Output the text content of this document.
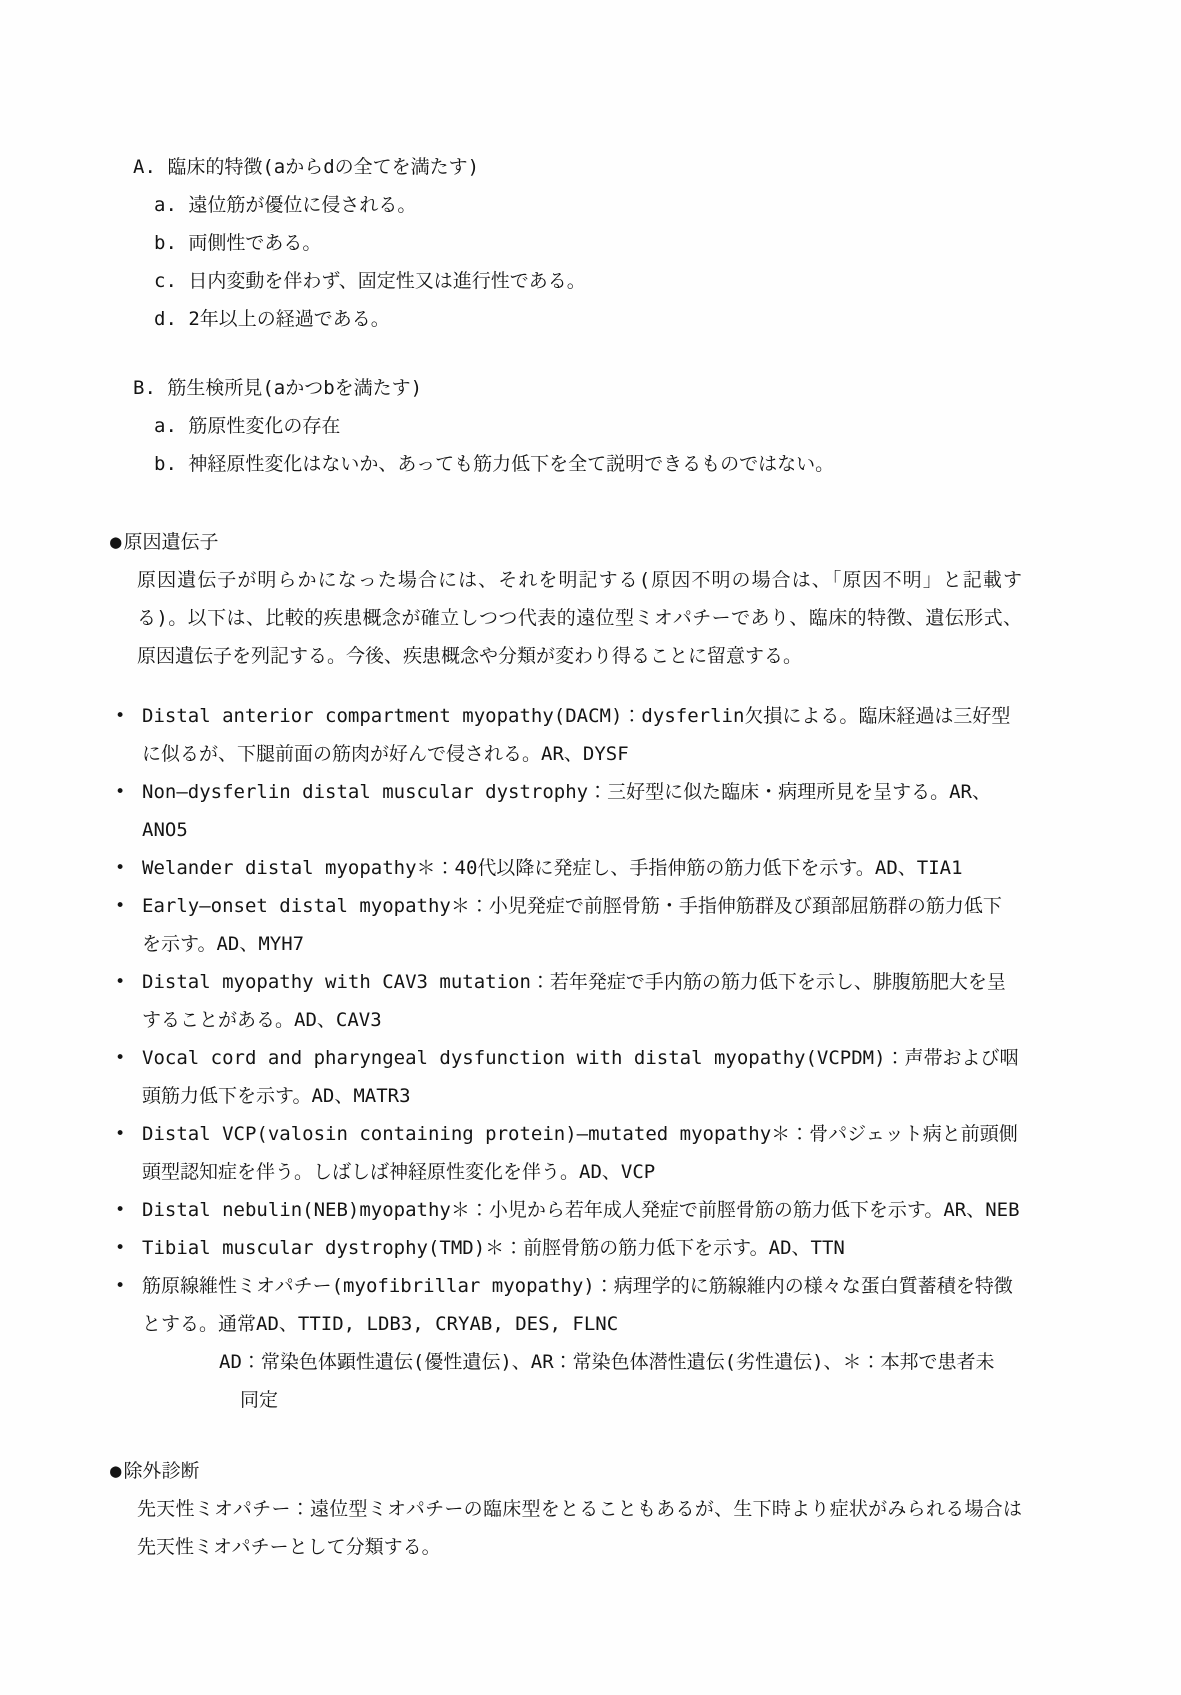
A. 臨床的特徴(aからdの全てを満たす)
a. 遠位筋が優位に侵される。
b. 両側性である。
c. 日内変動を伴わず、固定性又は進行性である。
d. 2年以上の経過である。
B. 筋生検所見(aかつbを満たす)
a. 筋原性変化の存在
b. 神経原性変化はないか、あっても筋力低下を全て説明できるものではない。
●原因遺伝子
原因遺伝子が明らかになった場合には、それを明記する(原因不明の場合は、「原因不明」と記載する)。以下は、比較的疾患概念が確立しつつ代表的遠位型ミオパチーであり、臨床的特徴、遺伝形式、原因遺伝子を列記する。今後、疾患概念や分類が変わり得ることに留意する。
• Distal anterior compartment myopathy(DACM)：dysferlin欠損による。臨床経過は三好型に似るが、下腿前面の筋肉が好んで侵される。AR、DYSF
• Non―dysferlin distal muscular dystrophy：三好型に似た臨床・病理所見を呈する。AR、ANO5
• Welander distal myopathy＊：40代以降に発症し、手指伸筋の筋力低下を示す。AD、TIA1
• Early―onset distal myopathy＊：小児発症で前脛骨筋・手指伸筋群及び頚部屈筋群の筋力低下を示す。AD、MYH7
• Distal myopathy with CAV3 mutation：若年発症で手内筋の筋力低下を示し、腓腹筋肥大を呈することがある。AD、CAV3
• Vocal cord and pharyngeal dysfunction with distal myopathy(VCPDM)：声帯および咽頭筋力低下を示す。AD、MATR3
• Distal VCP(valosin containing protein)―mutated myopathy＊：骨パジェット病と前頭側頭型認知症を伴う。しばしば神経原性変化を伴う。AD、VCP
• Distal nebulin(NEB)myopathy＊：小児から若年成人発症で前脛骨筋の筋力低下を示す。AR、NEB
• Tibial muscular dystrophy(TMD)＊：前脛骨筋の筋力低下を示す。AD、TTN
• 筋原線維性ミオパチー(myofibrillar myopathy)：病理学的に筋線維内の様々な蛋白質蓄積を特徴とする。通常AD、TTID, LDB3, CRYAB, DES, FLNC
AD：常染色体顕性遺伝(優性遺伝)、AR：常染色体潜性遺伝(劣性遺伝)、＊：本邦で患者未
同定
●除外診断
先天性ミオパチー：遠位型ミオパチーの臨床型をとることもあるが、生下時より症状がみられる場合は先天性ミオパチーとして分類する。
